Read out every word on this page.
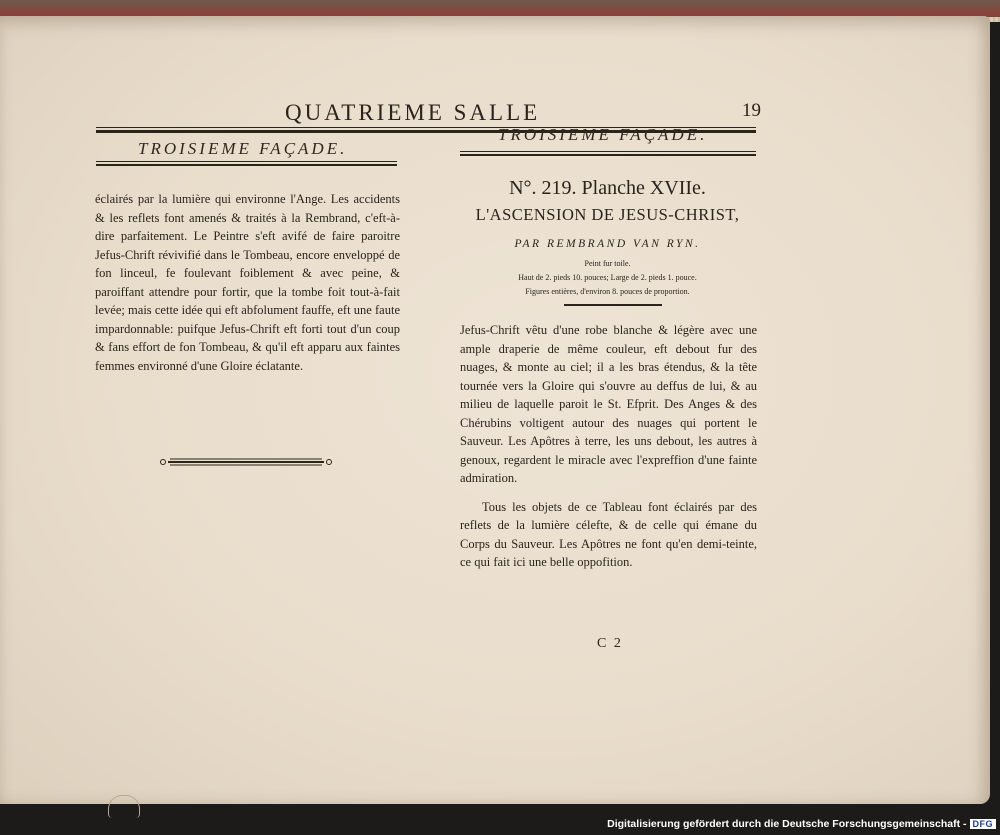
QUATRIEME SALLE	19
TROISIEME FAÇADE.

éclairés par la lumière qui environne l'Ange. Les accidents & les reflets font amenés & traités à la Rembrand, c'eft-à-dire parfaitement. Le Peintre s'eft avifé de faire paroitre Jefus-Chrift révivifié dans le Tombeau, encore enveloppé de fon linceul, fe foulevant foiblement & avec peine, & paroiffant attendre pour fortir, que la tombe foit tout-à-fait levée; mais cette idée qui eft abfolument fauffe, eft une faute impardonnable: puifque Jefus-Chrift eft forti tout d'un coup & fans effort de fon Tombeau, & qu'il eft apparu aux faintes femmes environné d'une Gloire éclatante.

TROISIEME FAÇADE.
N°. 219. Planche XVIIe.
L'ASCENSION DE JESUS-CHRIST,
PAR REMBRAND VAN RYN.
Peint fur toile.
Haut de 2. pieds 10. pouces; Large de 2. pieds 1. pouce.
Figures entières, d'environ 8. pouces de proportion.

Jefus-Chrift vêtu d'une robe blanche & légère avec une ample draperie de même couleur, eft debout fur des nuages, & monte au ciel; il a les bras étendus, & la tête tournée vers la Gloire qui s'ouvre au deffus de lui, & au milieu de laquelle paroit le St. Efprit. Des Anges & des Chérubins voltigent autour des nuages qui portent le Sauveur. Les Apôtres à terre, les uns debout, les autres à genoux, regardent le miracle avec l'expreffion d'une fainte admiration.

Tous les objets de ce Tableau font éclairés par des reflets de la lumière célefte, & de celle qui émane du Corps du Sauveur. Les Apôtres ne font qu'en demi-teinte, ce qui fait ici une belle oppofition.

C 2
Digitalisierung gefördert durch die Deutsche Forschungsgemeinschaft - DFG
